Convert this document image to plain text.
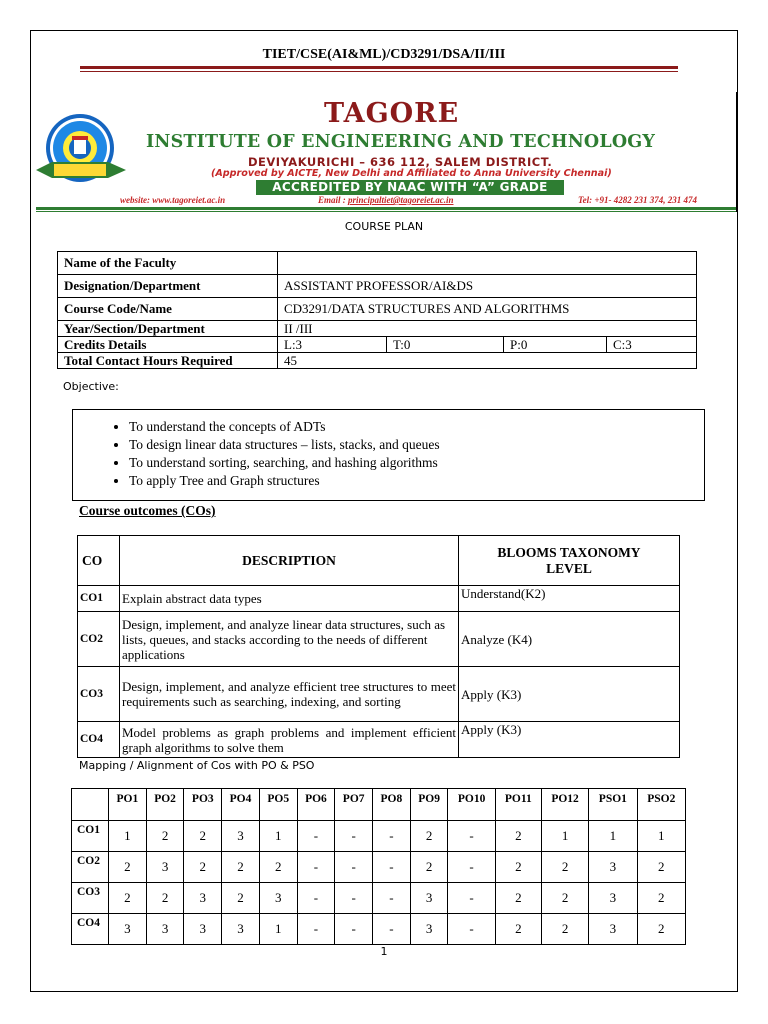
TIET/CSE(AI&ML)/CD3291/DSA/II/III
TAGORE
INSTITUTE OF ENGINEERING AND TECHNOLOGY
DEVIYAKURICHI – 636 112, SALEM DISTRICT.
(Approved by AICTE, New Delhi and Affiliated to Anna University Chennai)
ACCREDITED BY NAAC WITH “A” GRADE
website: www.tagoreiet.ac.in	Email : principaltiet@tagoreiet.ac.in	Tel: +91- 4282 231 374, 231 474
COURSE PLAN
Name of the Faculty				
Designation/Department	ASSISTANT PROFESSOR/AI&DS			
Course Code/Name	CD3291/DATA STRUCTURES AND ALGORITHMS			
Year/Section/Department	II /III			
Credits Details	L:3	T:0	P:0	C:3
Total Contact Hours Required	45			
Objective:
• To understand the concepts of ADTs
• To design linear data structures – lists, stacks, and queues
• To understand sorting, searching, and hashing algorithms
• To apply Tree and Graph structures
Course outcomes (COs)
CO	DESCRIPTION	BLOOMS TAXONOMY LEVEL
CO1	Explain abstract data types	Understand(K2)
CO2	Design, implement, and analyze linear data structures, such as lists, queues, and stacks according to the needs of different applications	Analyze (K4)
CO3	Design, implement, and analyze efficient tree structures to meet requirements such as searching, indexing, and sorting	Apply (K3)
CO4	Model problems as graph problems and implement efficient graph algorithms to solve them	Apply (K3)
Mapping / Alignment of Cos with PO & PSO
	PO1	PO2	PO3	PO4	PO5	PO6	PO7	PO8	PO9	PO10	PO11	PO12	PSO1	PSO2
CO1	1	2	2	3	1	-	-	-	2	-	2	1	1	1
CO2	2	3	2	2	2	-	-	-	2	-	2	2	3	2
CO3	2	2	3	2	3	-	-	-	3	-	2	2	3	2
CO4	3	3	3	3	1	-	-	-	3	-	2	2	3	2
1
